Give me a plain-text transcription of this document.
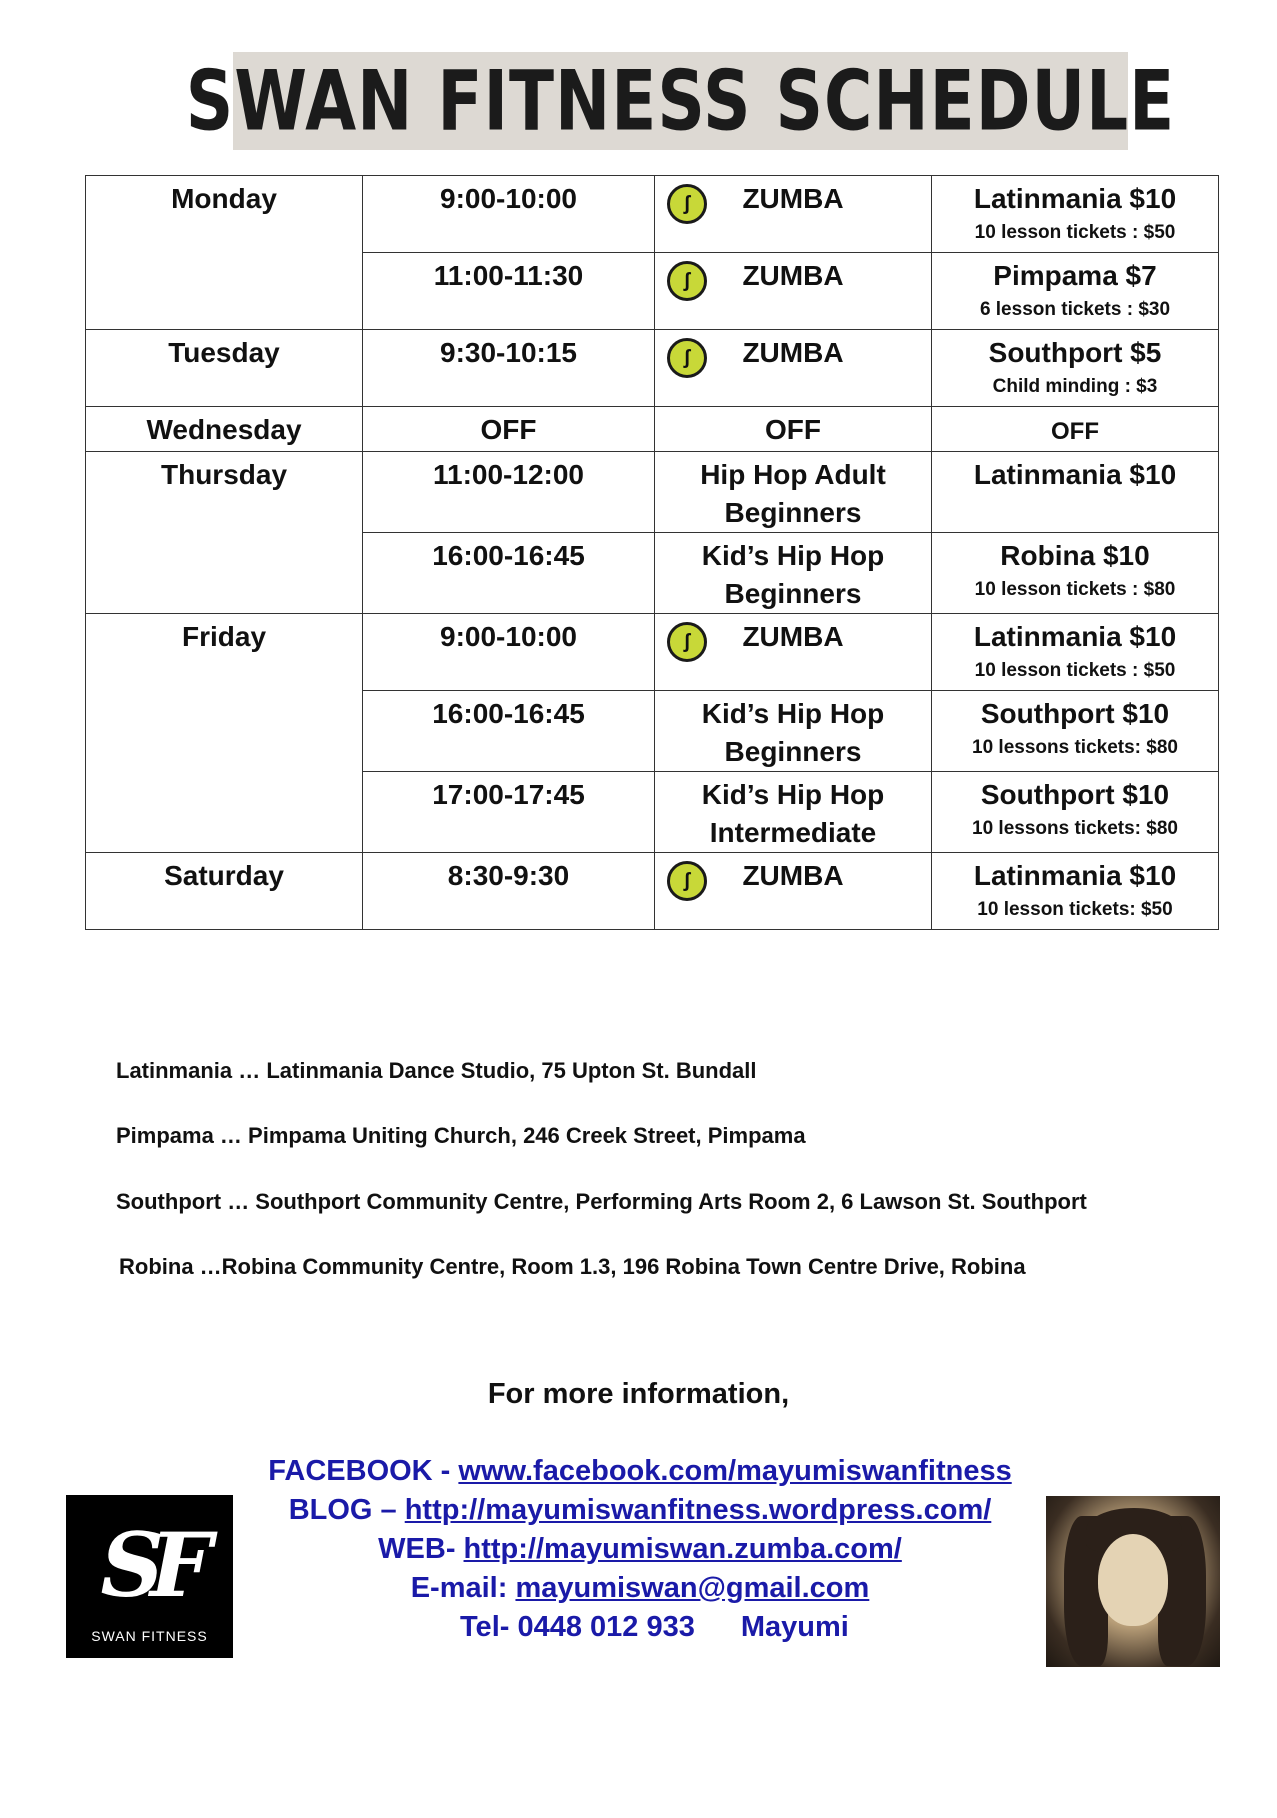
SWAN FITNESS SCHEDULE
Monday	9:00-10:00	ʃ ZUMBA	Latinmania $10
10 lesson tickets : $50

	11:00-11:30	ʃ ZUMBA	Pimpama $7
6 lesson tickets : $30

Tuesday	9:30-10:15	ʃ ZUMBA	Southport $5
Child minding : $3

Wednesday	OFF	OFF	OFF
Thursday	11:00-12:00	Hip Hop Adult
Beginners	Latinmania $10
	16:00-16:45	Kid’s Hip Hop
Beginners	Robina $10
10 lesson tickets : $80

Friday	9:00-10:00	ʃ ZUMBA	Latinmania $10
10 lesson tickets : $50

	16:00-16:45	Kid’s Hip Hop
Beginners	Southport $10
10 lessons tickets: $80

	17:00-17:45	Kid’s Hip Hop
Intermediate	Southport $10
10 lessons tickets: $80

Saturday	8:30-9:30	ʃ ZUMBA	Latinmania $10
10 lesson tickets: $50
Latinmania … Latinmania Dance Studio, 75 Upton St. Bundall
Pimpama … Pimpama Uniting Church, 246 Creek Street, Pimpama
Southport … Southport Community Centre, Performing Arts Room 2, 6 Lawson St. Southport
Robina …Robina Community Centre, Room 1.3, 196 Robina Town Centre Drive, Robina
For more information,
FACEBOOK - www.facebook.com/mayumiswanfitness
BLOG – http://mayumiswanfitness.wordpress.com/
WEB- http://mayumiswan.zumba.com/
E-mail: mayumiswan@gmail.com
Tel- 0448 012 933 Mayumi
SF
SWAN FITNESS
